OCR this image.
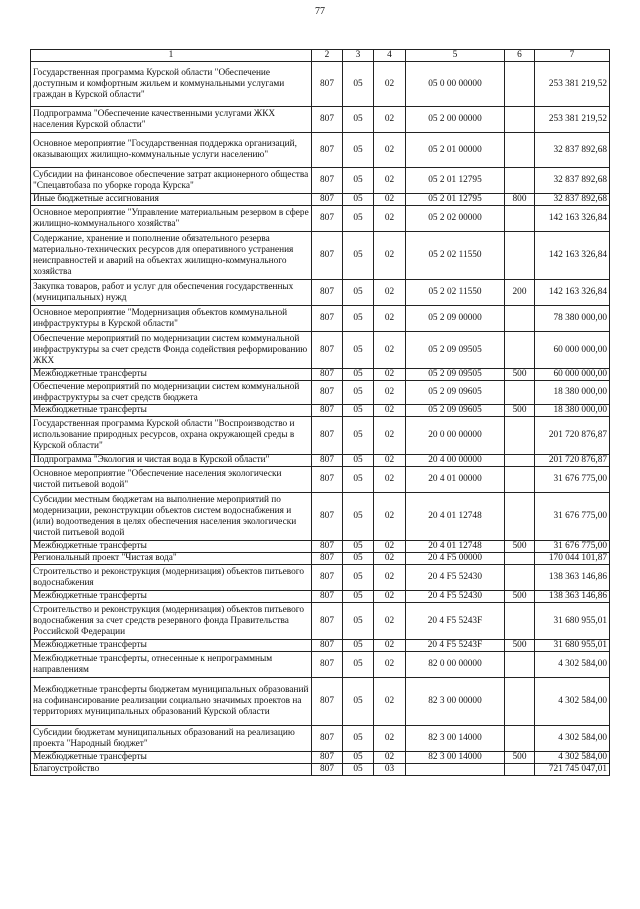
77
1	2	3	4	5	6	7
Государственная программа Курской области "Обеспечение доступным и комфортным жильем и коммунальными услугами граждан в Курской области"	807	05	02	05 0 00 00000		253 381 219,52
Подпрограмма "Обеспечение качественными услугами ЖКХ населения Курской области"	807	05	02	05 2 00 00000		253 381 219,52
Основное мероприятие "Государственная поддержка организаций, оказывающих жилищно-коммунальные услуги населению"	807	05	02	05 2 01 00000		32 837 892,68
Субсидии на финансовое обеспечение затрат акционерного общества "Спецавтобаза по уборке города Курска"	807	05	02	05 2 01 12795		32 837 892,68
Иные бюджетные ассигнования	807	05	02	05 2 01 12795	800	32 837 892,68
Основное мероприятие "Управление материальным резервом в сфере жилищно-коммунального хозяйства"	807	05	02	05 2 02 00000		142 163 326,84
Содержание, хранение и пополнение обязательного резерва материально-технических ресурсов для оперативного устранения неисправностей и аварий на объектах жилищно-коммунального хозяйства	807	05	02	05 2 02 11550		142 163 326,84
Закупка товаров, работ и услуг для обеспечения государственных (муниципальных) нужд	807	05	02	05 2 02 11550	200	142 163 326,84
Основное мероприятие "Модернизация объектов коммунальной инфраструктуры в Курской области"	807	05	02	05 2 09 00000		78 380 000,00
Обеспечение мероприятий по модернизации систем коммунальной инфраструктуры за счет средств Фонда содействия реформированию ЖКХ	807	05	02	05 2 09 09505		60 000 000,00
Межбюджетные трансферты	807	05	02	05 2 09 09505	500	60 000 000,00
Обеспечение мероприятий по модернизации систем коммунальной инфраструктуры за счет средств бюджета	807	05	02	05 2 09 09605		18 380 000,00
Межбюджетные трансферты	807	05	02	05 2 09 09605	500	18 380 000,00
Государственная программа Курской области "Воспроизводство и использование природных ресурсов, охрана окружающей среды в Курской области"	807	05	02	20 0 00 00000		201 720 876,87
Подпрограмма "Экология и чистая вода в Курской области"	807	05	02	20 4 00 00000		201 720 876,87
Основное мероприятие "Обеспечение населения экологически чистой питьевой водой"	807	05	02	20 4 01 00000		31 676 775,00
Субсидии местным бюджетам на выполнение мероприятий по модернизации, реконструкции объектов систем водоснабжения и (или) водоотведения в целях обеспечения населения экологически чистой питьевой водой	807	05	02	20 4 01 12748		31 676 775,00
Межбюджетные трансферты	807	05	02	20 4 01 12748	500	31 676 775,00
Региональный проект "Чистая вода"	807	05	02	20 4 F5 00000		170 044 101,87
Строительство и реконструкция (модернизация) объектов питьевого водоснабжения	807	05	02	20 4 F5 52430		138 363 146,86
Межбюджетные трансферты	807	05	02	20 4 F5 52430	500	138 363 146,86
Строительство и реконструкция (модернизация) объектов питьевого водоснабжения за счет средств резервного фонда Правительства Российской Федерации	807	05	02	20 4 F5 5243F		31 680 955,01
Межбюджетные трансферты	807	05	02	20 4 F5 5243F	500	31 680 955,01
Межбюджетные трансферты, отнесенные к непрограммным направлениям	807	05	02	82 0 00 00000		4 302 584,00
Межбюджетные трансферты бюджетам муниципальных образований на софинансирование реализации социально значимых проектов на территориях муниципальных образований Курской области	807	05	02	82 3 00 00000		4 302 584,00
Субсидии бюджетам муниципальных образований на реализацию проекта "Народный бюджет"	807	05	02	82 3 00 14000		4 302 584,00
Межбюджетные трансферты	807	05	02	82 3 00 14000	500	4 302 584,00
Благоустройство	807	05	03			721 745 047,01
